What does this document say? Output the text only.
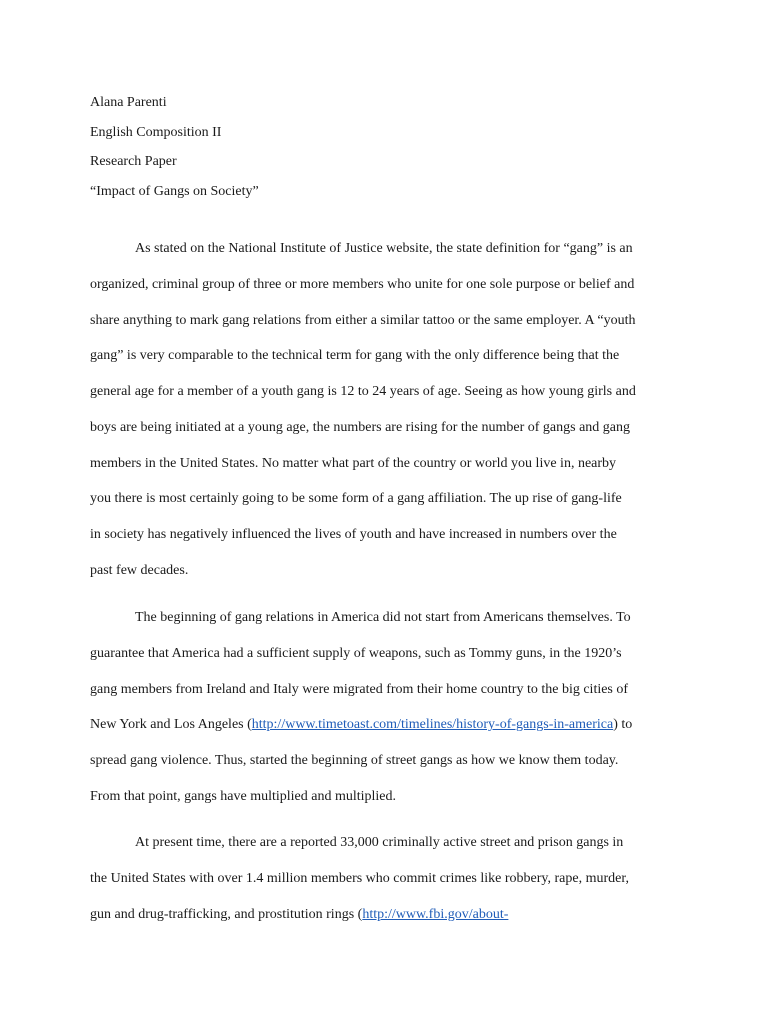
Alana Parenti
English Composition II
Research Paper
“Impact of Gangs on Society”
As stated on the National Institute of Justice website, the state definition for “gang” is an
organized, criminal group of three or more members who unite for one sole purpose or belief and
share anything to mark gang relations from either a similar tattoo or the same employer. A “youth
gang” is very comparable to the technical term for gang with the only difference being that the
general age for a member of a youth gang is 12 to 24 years of age. Seeing as how young girls and
boys are being initiated at a young age, the numbers are rising for the number of gangs and gang
members in the United States. No matter what part of the country or world you live in, nearby
you there is most certainly going to be some form of a gang affiliation. The up rise of gang-life
in society has negatively influenced the lives of youth and have increased in numbers over the
past few decades.
The beginning of gang relations in America did not start from Americans themselves. To
guarantee that America had a sufficient supply of weapons, such as Tommy guns, in the 1920’s
gang members from Ireland and Italy were migrated from their home country to the big cities of
New York and Los Angeles (http://www.timetoast.com/timelines/history-of-gangs-in-america) to
spread gang violence. Thus, started the beginning of street gangs as how we know them today.
From that point, gangs have multiplied and multiplied.
At present time, there are a reported 33,000 criminally active street and prison gangs in
the United States with over 1.4 million members who commit crimes like robbery, rape, murder,
gun and drug-trafficking, and prostitution rings (http://www.fbi.gov/about-
